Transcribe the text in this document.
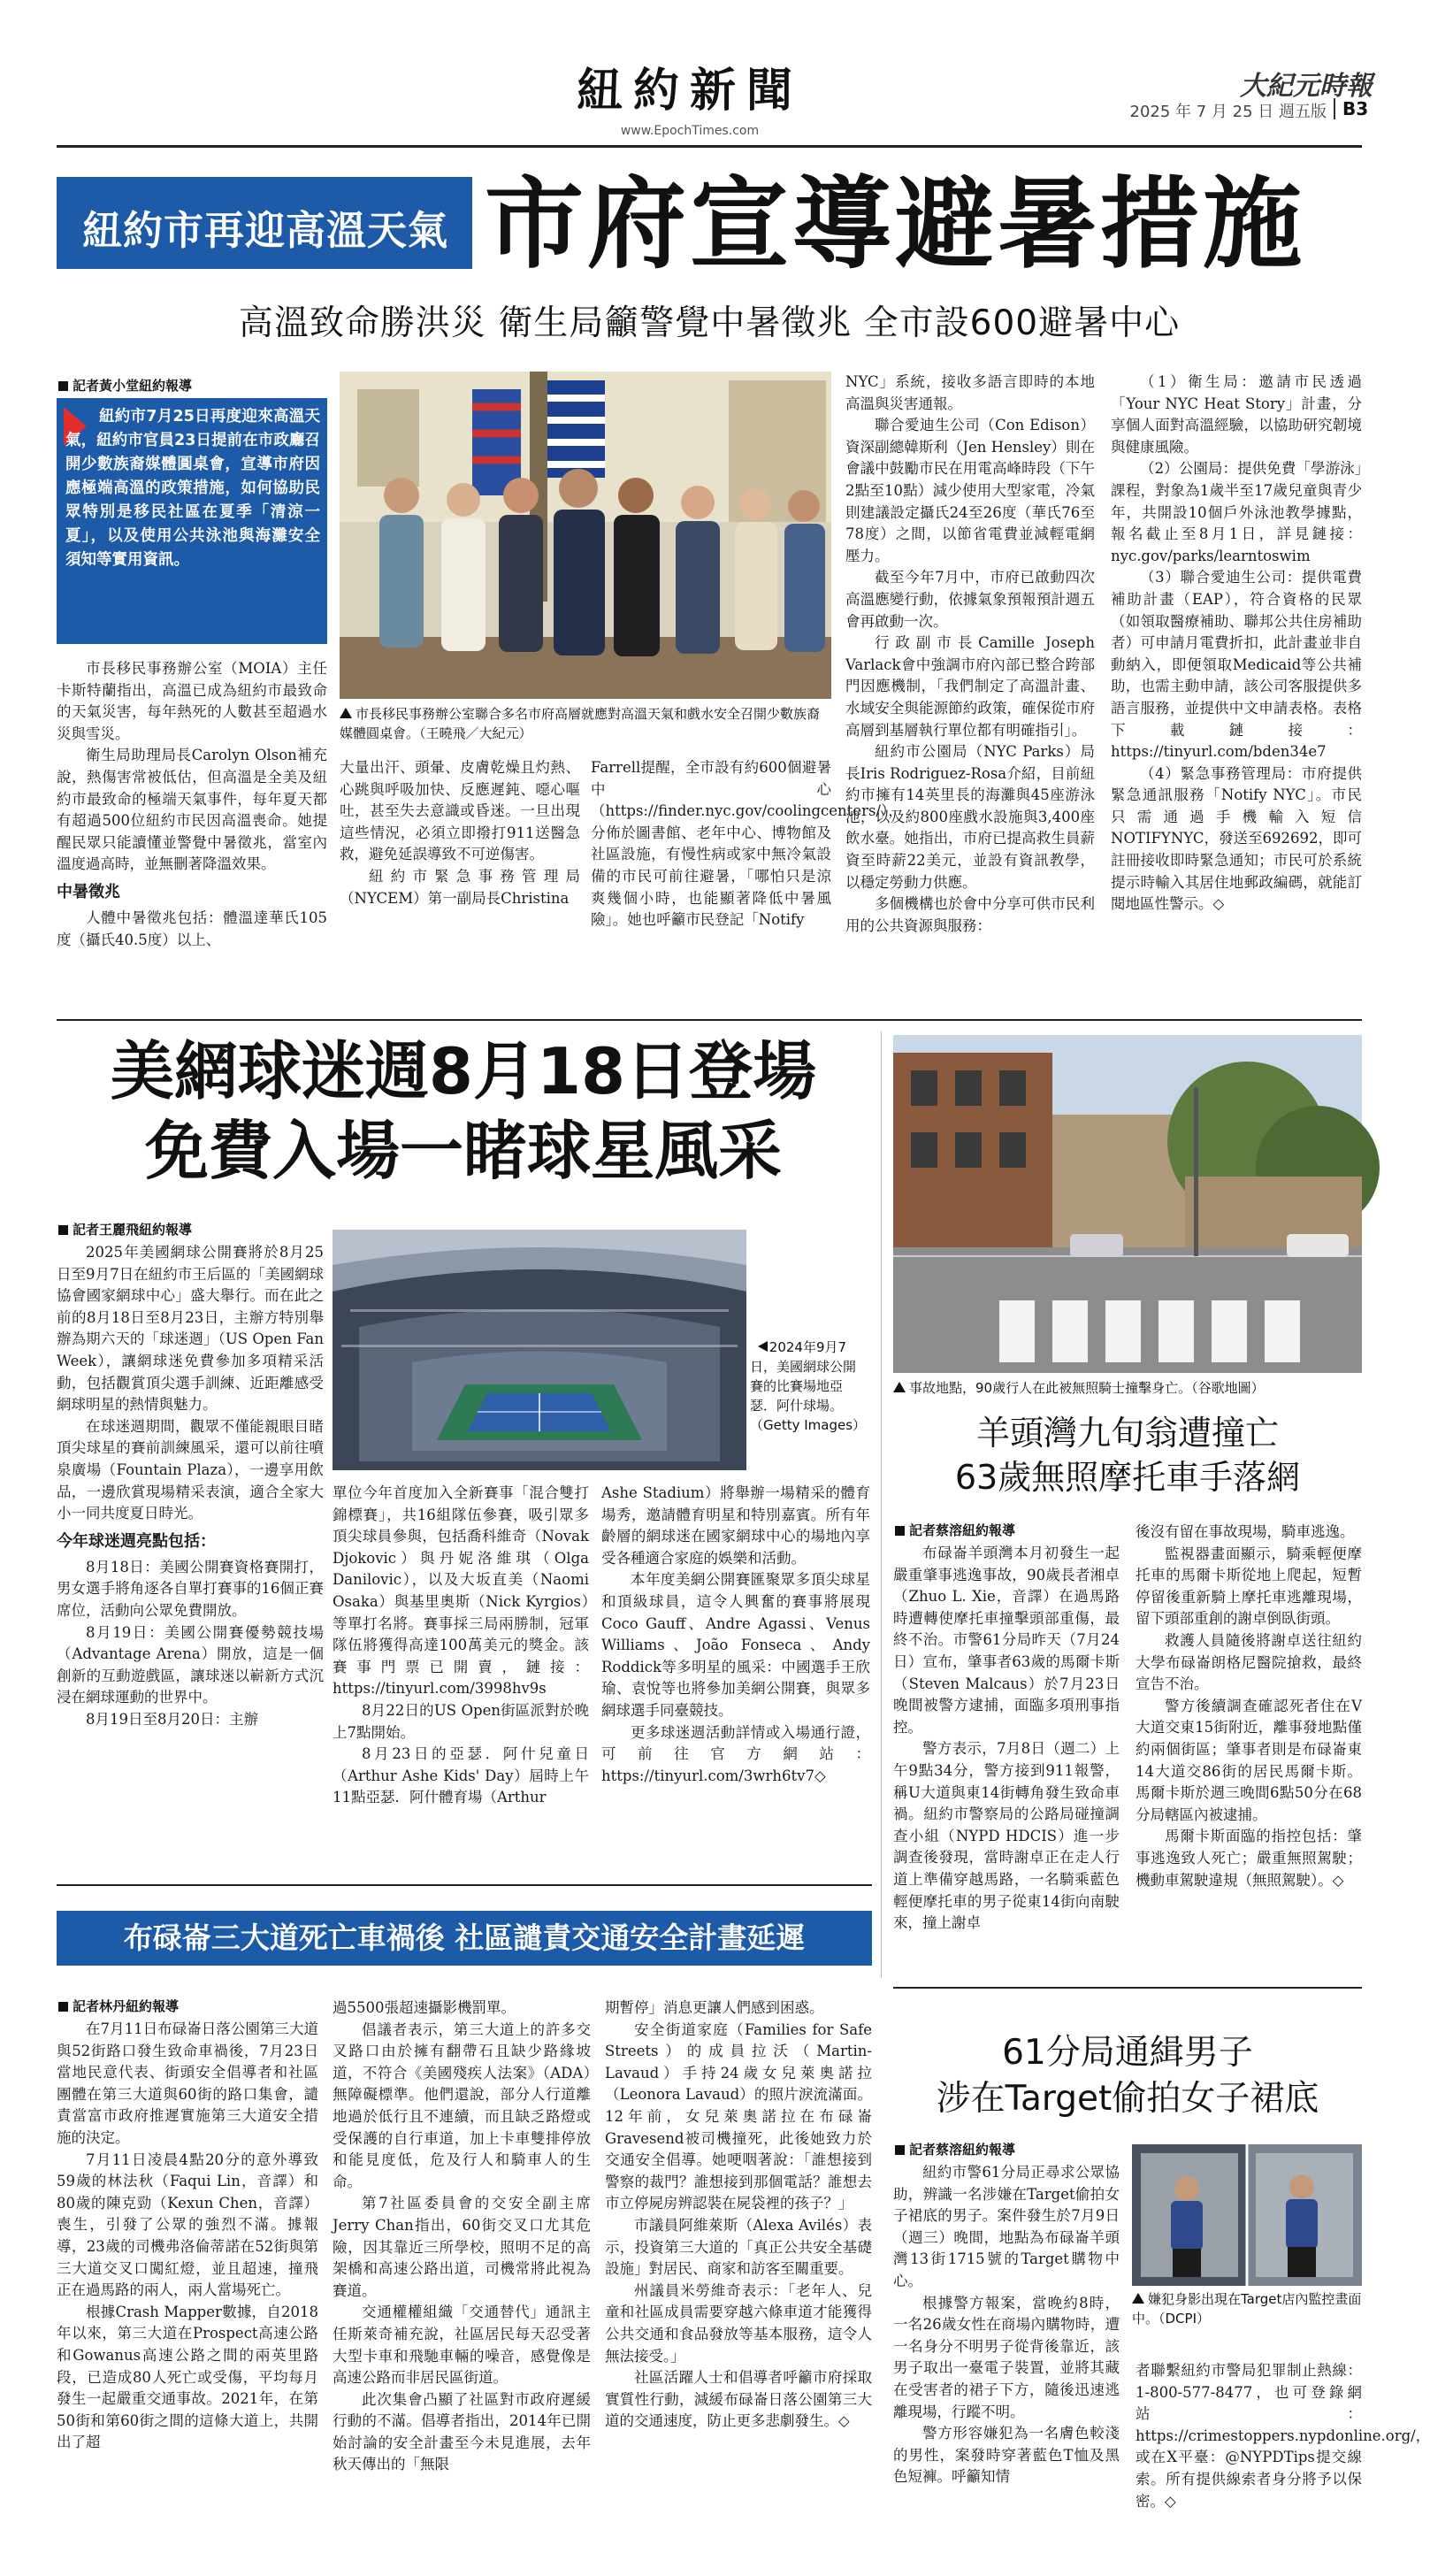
紐約新聞
www.EpochTimes.com
大紀元時報
2025 年 7 月 25 日 週五版 B3
紐約市再迎高溫天氣 市府宣導避暑措施
高溫致命勝洪災 衛生局籲警覺中暑徵兆 全市設600避暑中心
記者黃小堂紐約報導
紐約市7月25日再度迎來高溫天氣，紐約市官員23日提前在市政廳召開少數族裔媒體圓桌會，宣導市府因應極端高溫的政策措施，如何協助民眾特別是移民社區在夏季「清涼一夏」，以及使用公共泳池與海灘安全須知等實用資訊。

市長移民事務辦公室（MOIA）主任卡斯特蘭指出，高溫已成為紐約市最致命的天氣災害，每年熱死的人數甚至超過水災與雪災。

衛生局助理局長Carolyn Olson補充說，熱傷害常被低估，但高溫是全美及紐約市最致命的極端天氣事件，每年夏天都有超過500位紐約市民因高溫喪命。她提醒民眾只能讀懂並警覺中暑徵兆，當室內溫度過高時，並無刪著降溫效果。

中暑徵兆

人體中暑徵兆包括：體溫達華氏105度（攝氏40.5度）以上、

市長移民事務辦公室聯合多名市府高層就應對高溫天氣和戲水安全召開少數族裔媒體圓桌會。（王曉飛／大紀元）

大量出汗、頭暈、皮膚乾燥且灼熱、心跳與呼吸加快、反應遲鈍、噁心嘔吐，甚至失去意識或昏迷。一旦出現這些情況，必須立即撥打911送醫急救，避免延誤導致不可逆傷害。

紐約市緊急事務管理局（NYCEM）第一副局長Christina

Farrell提醒，全市設有約600個避暑中心（https://finder.nyc.gov/coolingcenters/），分佈於圖書館、老年中心、博物館及社區設施，有慢性病或家中無冷氣設備的市民可前往避暑，「哪怕只是涼爽幾個小時，也能顯著降低中暑風險」。她也呼籲市民登記「Notify

NYC」系統，接收多語言即時的本地高溫與災害通報。

聯合愛迪生公司（Con Edison）資深副總韓斯利（Jen Hensley）則在會議中鼓勵市民在用電高峰時段（下午2點至10點）減少使用大型家電，冷氣則建議設定攝氏24至26度（華氏76至78度）之間，以節省電費並減輕電網壓力。

截至今年7月中，市府已啟動四次高溫應變行動，依據氣象預報預計週五會再啟動一次。

行政副市長Camille Joseph Varlack會中強調市府內部已整合跨部門因應機制，「我們制定了高溫計畫、水域安全與能源節約政策，確保從市府高層到基層執行單位都有明確指引」。

紐約市公園局（NYC Parks）局長Iris Rodriguez-Rosa介紹，目前紐約市擁有14英里長的海灘與45座游泳池，以及約800座戲水設施與3,400座飲水臺。她指出，市府已提高救生員薪資至時薪22美元，並設有資訊教學，以穩定勞動力供應。

多個機構也於會中分享可供市民利用的公共資源與服務：

（1）衛生局：邀請市民透過「Your NYC Heat Story」計畫，分享個人面對高溫經驗，以協助研究韌境與健康風險。

（2）公園局：提供免費「學游泳」課程，對象為1歲半至17歲兒童與青少年，共開設10個戶外泳池教學據點，報名截止至8月1日，詳見鏈接：nyc.gov/parks/learntoswim

（3）聯合愛迪生公司：提供電費補助計畫（EAP），符合資格的民眾（如領取醫療補助、聯邦公共住房補助者）可申請月電費折扣，此計畫並非自動納入，即便領取Medicaid等公共補助，也需主動申請，該公司客服提供多語言服務，並提供中文申請表格。表格下載鏈接：https://tinyurl.com/bden34e7

（4）緊急事務管理局：市府提供緊急通訊服務「Notify NYC」。市民只需通過手機輸入短信NOTIFYNYC，發送至692692，即可註冊接收即時緊急通知；市民可於系統提示時輸入其居住地郵政編碼，就能訂閱地區性警示。◇

美網球迷週8月18日登場
免費入場一睹球星風采
記者王麗飛紐約報導

2025年美國網球公開賽將於8月25日至9月7日在紐約市王后區的「美國網球協會國家網球中心」盛大舉行。而在此之前的8月18日至8月23日，主辦方特別舉辦為期六天的「球迷週」（US Open Fan Week），讓網球迷免費參加多項精采活動，包括觀賞頂尖選手訓練、近距離感受網球明星的熱情與魅力。

在球迷週期間，觀眾不僅能親眼目睹頂尖球星的賽前訓練風采，還可以前往噴泉廣場（Fountain Plaza），一邊享用飲品，一邊欣賞現場精采表演，適合全家大小一同共度夏日時光。

今年球迷週亮點包括：

8月18日：美國公開賽資格賽開打，男女選手將角逐各自單打賽事的16個正賽席位，活動向公眾免費開放。

8月19日：美國公開賽優勢競技場（Advantage Arena）開放，這是一個創新的互動遊戲區，讓球迷以嶄新方式沉浸在網球運動的世界中。

8月19日至8月20日：主辦

2024年9月7日，美國網球公開賽的比賽場地亞瑟．阿什球場。（Getty Images）

單位今年首度加入全新賽事「混合雙打錦標賽」，共16組隊伍參賽，吸引眾多頂尖球員參與，包括喬科維奇（Novak Djokovic）與丹妮洛維琪（Olga Danilovic），以及大坂直美（Naomi Osaka）與基里奧斯（Nick Kyrgios）等單打名將。賽事採三局兩勝制，冠軍隊伍將獲得高達100萬美元的獎金。該賽事門票已開賣，鏈接：https://tinyurl.com/3998hv9s

8月22日的US Open街區派對於晚上7點開始。

8月23日的亞瑟．阿什兒童日（Arthur Ashe Kids' Day）屆時上午11點亞瑟．阿什體育場（Arthur

Ashe Stadium）將舉辦一場精采的體育場秀，邀請體育明星和特別嘉賓。所有年齡層的網球迷在國家網球中心的場地內享受各種適合家庭的娛樂和活動。

本年度美網公開賽匯聚眾多頂尖球星和頂級球員，這令人興奮的賽事將展現Coco Gauff、Andre Agassi、Venus Williams、João Fonseca、Andy Roddick等多明星的風采：中國選手王欣瑜、袁悅等也將參加美網公開賽，與眾多網球選手同臺競技。

更多球迷週活動詳情或入場通行證，可前往官方網站：https://tinyurl.com/3wrh6tv7◇

事故地點，90歲行人在此被無照騎士撞擊身亡。（谷歌地圖）
羊頭灣九旬翁遭撞亡
63歲無照摩托車手落網
記者蔡溶紐約報導

布碌崙羊頭灣本月初發生一起嚴重肇事逃逸事故，90歲長者湘卓（Zhuo L. Xie，音譯）在過馬路時遭轉使摩托車撞擊頭部重傷，最終不治。市警61分局昨天（7月24日）宣布，肇事者63歲的馬爾卡斯（Steven Malcaus）於7月23日晚間被警方逮捕，面臨多項刑事指控。

警方表示，7月8日（週二）上午9點34分，警方接到911報警，稱U大道與東14街轉角發生致命車禍。紐約市警察局的公路局碰撞調查小組（NYPD HDCIS）進一步調查後發現，當時謝卓正在走人行道上準備穿越馬路，一名騎乘藍色輕便摩托車的男子從東14街向南駛來，撞上謝卓

後沒有留在事故現場，騎車逃逸。

監視器畫面顯示，騎乘輕便摩托車的馬爾卡斯從地上爬起，短暫停留後重新騎上摩托車逃離現場，留下頭部重創的謝卓倒臥街頭。

救護人員隨後將謝卓送往紐約大學布碌崙朗格尼醫院搶救，最終宣告不治。

警方後續調查確認死者住在V大道交東15街附近，離事發地點僅約兩個街區；肇事者則是布碌崙東14大道交86街的居民馬爾卡斯。馬爾卡斯於週三晚間6點50分在68分局轄區內被逮捕。

馬爾卡斯面臨的指控包括：肇事逃逸致人死亡；嚴重無照駕駛；機動車駕駛違規（無照駕駛）。◇

布碌崙三大道死亡車禍後 社區譴責交通安全計畫延遲
記者林丹紐約報導

在7月11日布碌崙日落公園第三大道與52街路口發生致命車禍後，7月23日當地民意代表、街頭安全倡導者和社區團體在第三大道與60街的路口集會，譴責當富市政府推遲實施第三大道安全措施的決定。

7月11日凌晨4點20分的意外導致59歲的林法秋（Faqui Lin，音譯）和80歲的陳克勁（Kexun Chen，音譯）喪生，引發了公眾的強烈不滿。據報導，23歲的司機弗洛倫蒂諾在52街與第三大道交叉口闖紅燈，並且超速，撞飛正在過馬路的兩人，兩人當場死亡。

根據Crash Mapper數據，自2018年以來，第三大道在Prospect高速公路和Gowanus高速公路之間的兩英里路段，已造成80人死亡或受傷，平均每月發生一起嚴重交通事故。2021年，在第50街和第60街之間的這條大道上，共開出了超

過5500張超速攝影機罰單。

倡議者表示，第三大道上的許多交叉路口由於擁有翻帶石且缺少路緣坡道，不符合《美國殘疾人法案》（ADA）無障礙標準。他們還說，部分人行道離地過於低行且不連續，而且缺乏路燈或受保護的自行車道，加上卡車雙排停放和能見度低，危及行人和騎車人的生命。

第7社區委員會的交安全副主席Jerry Chan指出，60街交叉口尤其危險，因其靠近三所學校，照明不足的高架橋和高速公路出道，司機常將此視為賽道。

交通權權組織「交通替代」通訊主任斯萊奇補充說，社區居民每天忍受著大型卡車和飛馳車輛的噪音，感覺像是高速公路而非居民區街道。

此次集會凸顯了社區對市政府遲緩行動的不滿。倡導者指出，2014年已開始討論的安全計畫至今未見進展，去年秋天傳出的「無限

期暫停」消息更讓人們感到困惑。

安全街道家庭（Families for Safe Streets）的成員拉沃（Martin-Lavaud）手持24歲女兒萊奧諾拉（Leonora Lavaud）的照片淚流滿面。12年前，女兒萊奧諾拉在布碌崙Gravesend被司機撞死，此後她致力於交通安全倡導。她哽咽著說：「誰想接到警察的裁門？誰想接到那個電話？誰想去市立停屍房辨認裝在屍袋裡的孩子？」

市議員阿維萊斯（Alexa Avilés）表示，投資第三大道的「真正公共安全基礎設施」對居民、商家和訪客至關重要。

州議員米勞維奇表示：「老年人、兒童和社區成員需要穿越六條車道才能獲得公共交通和食品發放等基本服務，這令人無法接受。」

社區活躍人士和倡導者呼籲市府採取實質性行動，減緩布碌崙日落公園第三大道的交通速度，防止更多悲劇發生。◇

61分局通緝男子
涉在Target偷拍女子裙底
記者蔡溶紐約報導

紐約市警61分局正尋求公眾協助，辨識一名涉嫌在Target偷拍女子裙底的男子。案件發生於7月9日（週三）晚間，地點為布碌崙羊頭灣13街1715號的Target購物中心。

根據警方報案，當晚約8時，一名26歲女性在商場內購物時，遭一名身分不明男子從背後靠近，該男子取出一臺電子裝置，並將其藏在受害者的裙子下方，隨後迅速逃離現場，行蹤不明。

警方形容嫌犯為一名膚色較淺的男性，案發時穿著藍色T恤及黑色短褲。呼籲知情

嫌犯身影出現在Target店內監控畫面中。（DCPI）

者聯繫紐約市警局犯罪制止熱線：1-800-577-8477，也可登錄網站：https://crimestoppers.nypdonline.org/，或在X平臺：@NYPDTips提交線索。所有提供線索者身分將予以保密。◇
